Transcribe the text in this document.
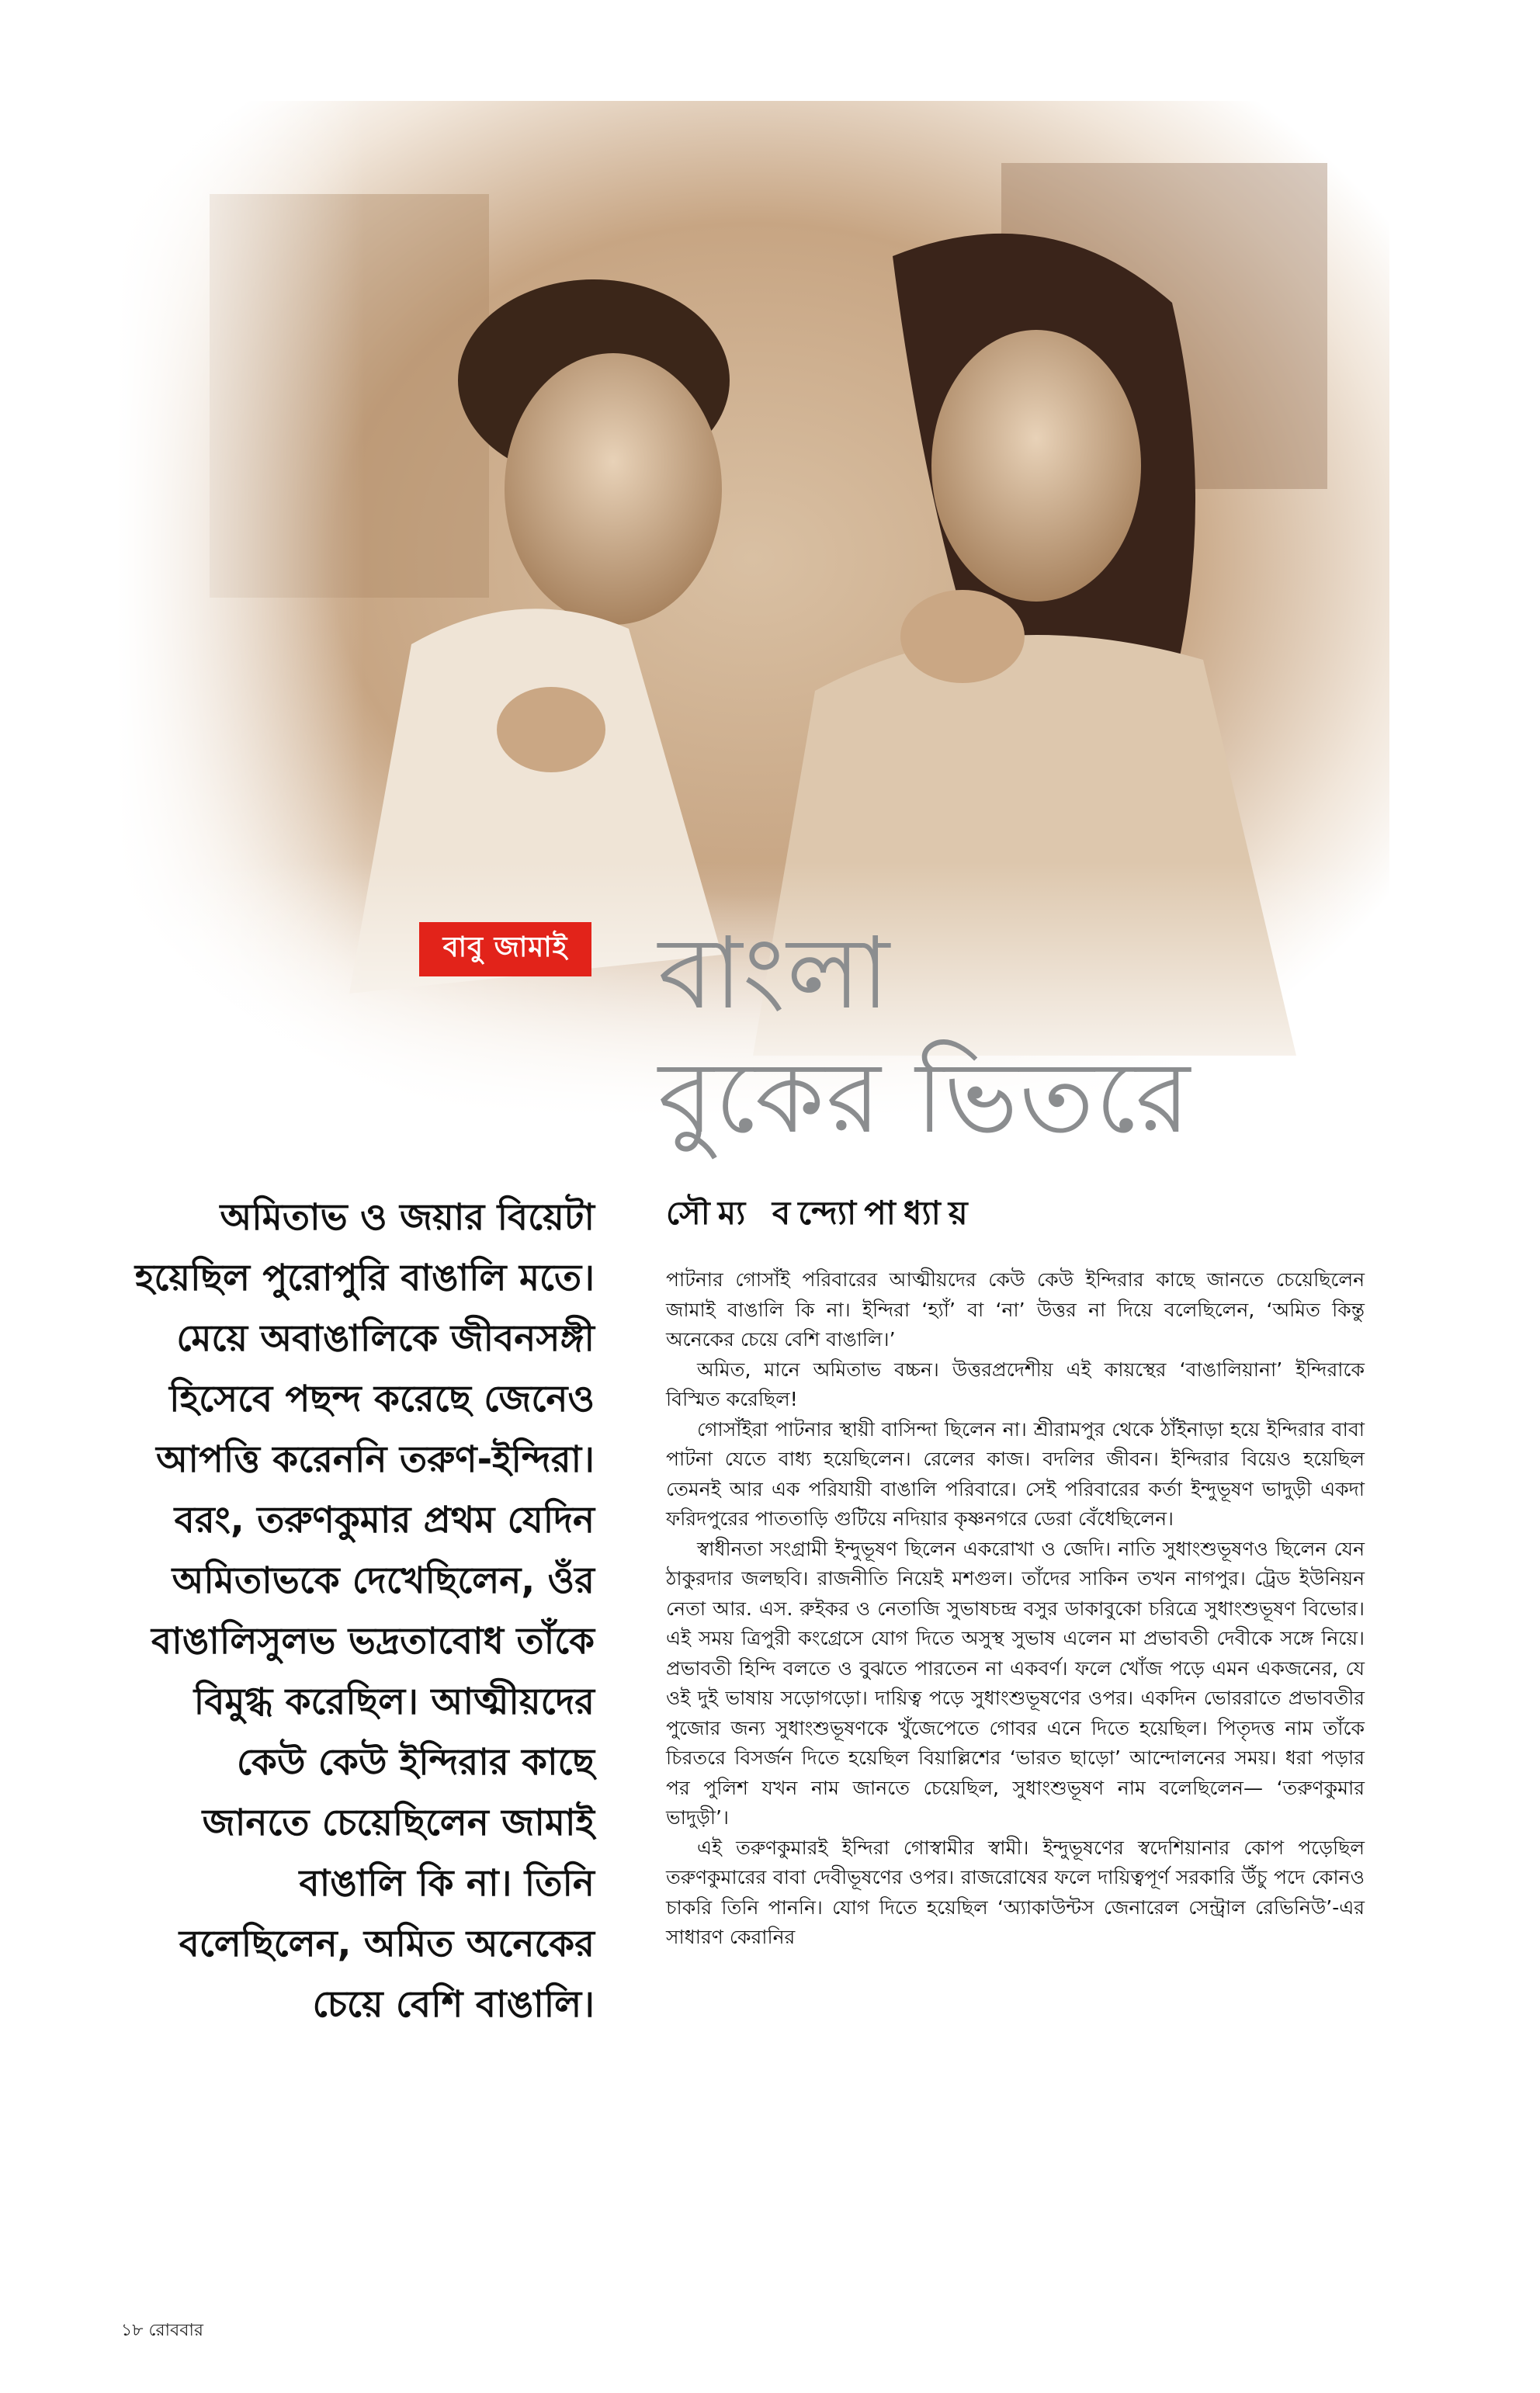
বাবু জামাই বাংলা
বুকের ভিতরে
সৌম্য বন্দ্যোপাধ্যায়
অমিতাভ ও জয়ার বিয়েটা হয়েছিল পুরোপুরি বাঙালি মতে। মেয়ে অবাঙালিকে জীবনসঙ্গী হিসেবে পছন্দ করেছে জেনেও আপত্তি করেননি তরুণ-ইন্দিরা। বরং, তরুণকুমার প্রথম যেদিন অমিতাভকে দেখেছিলেন, ওঁর বাঙালিসুলভ ভদ্রতাবোধ তাঁকে বিমুগ্ধ করেছিল। আত্মীয়দের কেউ কেউ ইন্দিরার কাছে জানতে চেয়েছিলেন জামাই বাঙালি কি না। তিনি বলেছিলেন, অমিত অনেকের চেয়ে বেশি বাঙালি।

পাটনার গোসাঁই পরিবারের আত্মীয়দের কেউ কেউ ইন্দিরার কাছে জানতে চেয়েছিলেন জামাই বাঙালি কি না। ইন্দিরা ‘হ্যাঁ’ বা ‘না’ উত্তর না দিয়ে বলেছিলেন, ‘অমিত কিন্তু অনেকের চেয়ে বেশি বাঙালি।’

অমিত, মানে অমিতাভ বচ্চন। উত্তরপ্রদেশীয় এই কায়স্থের ‘বাঙালিয়ানা’ ইন্দিরাকে বিস্মিত করেছিল!

গোসাঁইরা পাটনার স্থায়ী বাসিন্দা ছিলেন না। শ্রীরামপুর থেকে ঠাঁইনাড়া হয়ে ইন্দিরার বাবা পাটনা যেতে বাধ্য হয়েছিলেন। রেলের কাজ। বদলির জীবন। ইন্দিরার বিয়েও হয়েছিল তেমনই আর এক পরিযায়ী বাঙালি পরিবারে। সেই পরিবারের কর্তা ইন্দুভূষণ ভাদুড়ী একদা ফরিদপুরের পাততাড়ি গুটিয়ে নদিয়ার কৃষ্ণনগরে ডেরা বেঁধেছিলেন।

স্বাধীনতা সংগ্রামী ইন্দুভূষণ ছিলেন একরোখা ও জেদি। নাতি সুধাংশুভূষণও ছিলেন যেন ঠাকুরদার জলছবি। রাজনীতি নিয়েই মশগুল। তাঁদের সাকিন তখন নাগপুর। ট্রেড ইউনিয়ন নেতা আর. এস. রুইকর ও নেতাজি সুভাষচন্দ্র বসুর ডাকাবুকো চরিত্রে সুধাংশুভূষণ বিভোর। এই সময় ত্রিপুরী কংগ্রেসে যোগ দিতে অসুস্থ সুভাষ এলেন মা প্রভাবতী দেবীকে সঙ্গে নিয়ে। প্রভাবতী হিন্দি বলতে ও বুঝতে পারতেন না একবর্ণ। ফলে খোঁজ পড়ে এমন একজনের, যে ওই দুই ভাষায় সড়োগড়ো। দায়িত্ব পড়ে সুধাংশুভূষণের ওপর। একদিন ভোররাতে প্রভাবতীর পুজোর জন্য সুধাংশুভূষণকে খুঁজেপেতে গোবর এনে দিতে হয়েছিল। পিতৃদত্ত নাম তাঁকে চিরতরে বিসর্জন দিতে হয়েছিল বিয়াল্লিশের ‘ভারত ছাড়ো’ আন্দোলনের সময়। ধরা পড়ার পর পুলিশ যখন নাম জানতে চেয়েছিল, সুধাংশুভূষণ নাম বলেছিলেন— ‘তরুণকুমার ভাদুড়ী’।

এই তরুণকুমারই ইন্দিরা গোস্বামীর স্বামী। ইন্দুভূষণের স্বদেশিয়ানার কোপ পড়েছিল তরুণকুমারের বাবা দেবীভূষণের ওপর। রাজরোষের ফলে দায়িত্বপূর্ণ সরকারি উঁচু পদে কোনও চাকরি তিনি পাননি। যোগ দিতে হয়েছিল ‘অ্যাকাউন্টস জেনারেল সেন্ট্রাল রেভিনিউ’-এর সাধারণ কেরানির

১৮ রোববার
